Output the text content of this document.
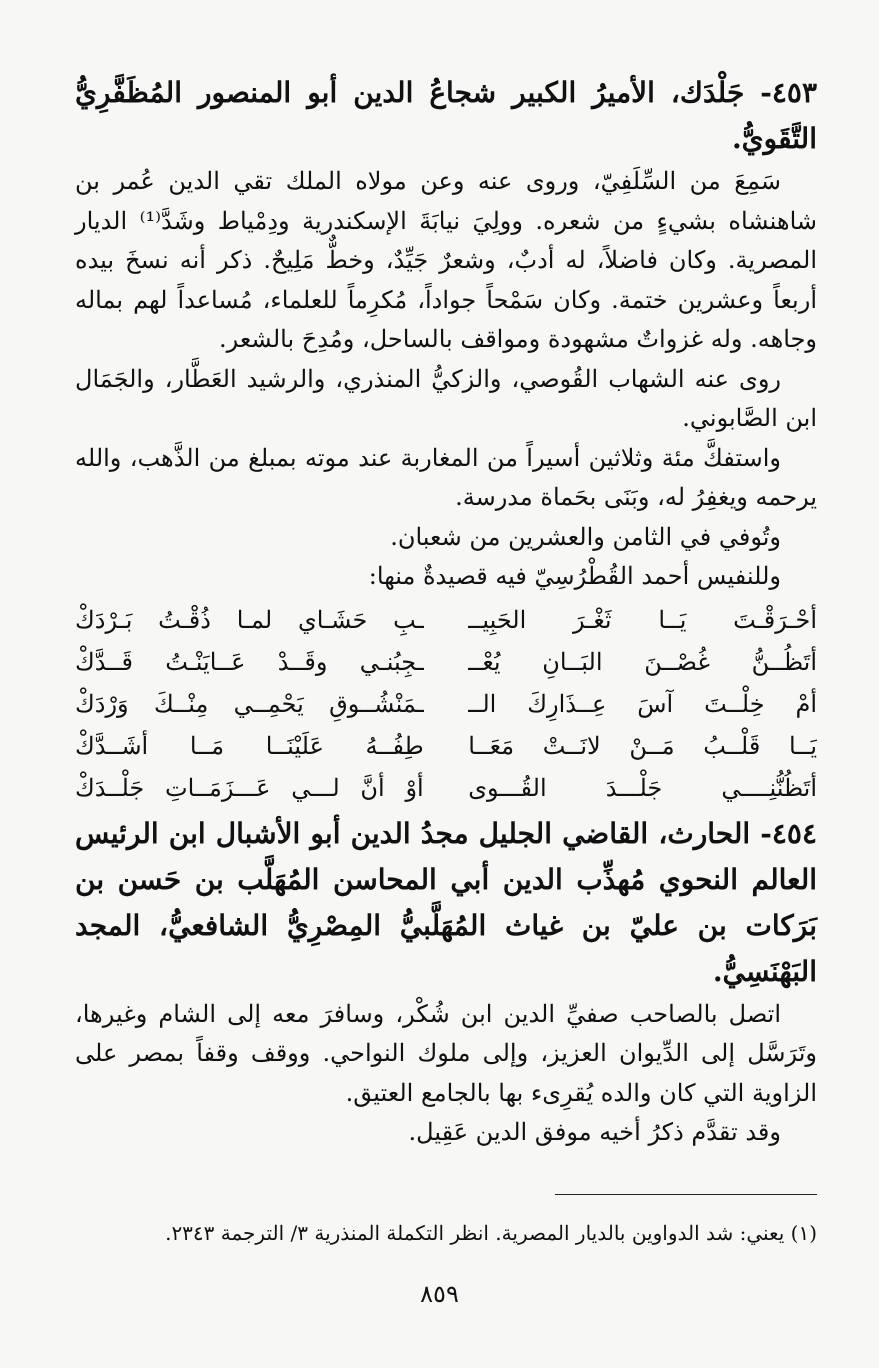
٤٥٣- جَلْدَك، الأميرُ الكبير شجاعُ الدين أبو المنصور المُظَفَّرِيُّ التَّقَويُّ.

سَمِعَ من السِّلَفِيّ، وروى عنه وعن مولاه الملك تقي الدين عُمر بن شاهنشاه بشيءٍ من شعره. وولِيَ نيابَةَ الإسكندرية ودِمْياط وشَدَّ⁽¹⁾ الديار المصرية. وكان فاضلاً، له أدبٌ، وشعرٌ جَيِّدٌ، وخطٌّ مَلِيحٌ. ذكر أنه نسخَ بيده أربعاً وعشرين ختمة. وكان سَمْحاً جواداً، مُكرِماً للعلماء، مُساعداً لهم بماله وجاهه. وله غزواتٌ مشهودة ومواقف بالساحل، ومُدِحَ بالشعر.

روى عنه الشهاب القُوصي، والزكيُّ المنذري، والرشيد العَطَّار، والجَمَال ابن الصَّابوني.

واستفكَّ مئة وثلاثين أسيراً من المغاربة عند موته بمبلغ من الذَّهب، والله يرحمه ويغفِرُ له، وبَنَى بحَماة مدرسة.

وتُوفي في الثامن والعشرين من شعبان.

وللنفيس أحمد القُطْرُسِيّ فيه قصيدةٌ منها:

أحْـرَقْـتَ يَــا ثَغْـرَ الحَبِيــ
ـبِ حَشَـاي لمـا ذُقْـتُ بَـرْدَكْ
أتَظُــنُّ غُصْــنَ البَــانِ يُعْــ
ـجِبُنـي وقَــدْ عَــايَنْـتُ قَــدَّكْ
أمْ خِلْــتَ آسَ عِــذَارِكَ الــ
ـمَنْشُــوقِ يَحْمِــي مِنْــكَ وَرْدَكْ
يَــا قَلْــبُ مَــنْ لانَــتْ مَعَــا
طِفُــهُ عَلَيْنَــا مَــا أشَــدَّكْ
أتَظُنُّنِــــي جَلْـــدَ القُـــوى
أوْ أنَّ لـــي عَـــزَمَــاتِ جَلْــدَكْ
٤٥٤- الحارث، القاضي الجليل مجدُ الدين أبو الأشبال ابن الرئيس العالم النحوي مُهذِّب الدين أبي المحاسن المُهَلَّب بن حَسن بن بَرَكات بن عليّ بن غياث المُهَلَّبيُّ المِصْرِيُّ الشافعيُّ، المجد البَهْنَسِيُّ.

اتصل بالصاحب صفيِّ الدين ابن شُكْر، وسافرَ معه إلى الشام وغيرها، وتَرَسَّل إلى الدِّيوان العزيز، وإلى ملوك النواحي. ووقف وقفاً بمصر على الزاوية التي كان والده يُقرِىء بها بالجامع العتيق.

وقد تقدَّم ذكرُ أخيه موفق الدين عَقِيل.

(١) يعني: شد الدواوين بالديار المصرية. انظر التكملة المنذرية ٣/ الترجمة ٢٣٤٣.

٨٥٩
